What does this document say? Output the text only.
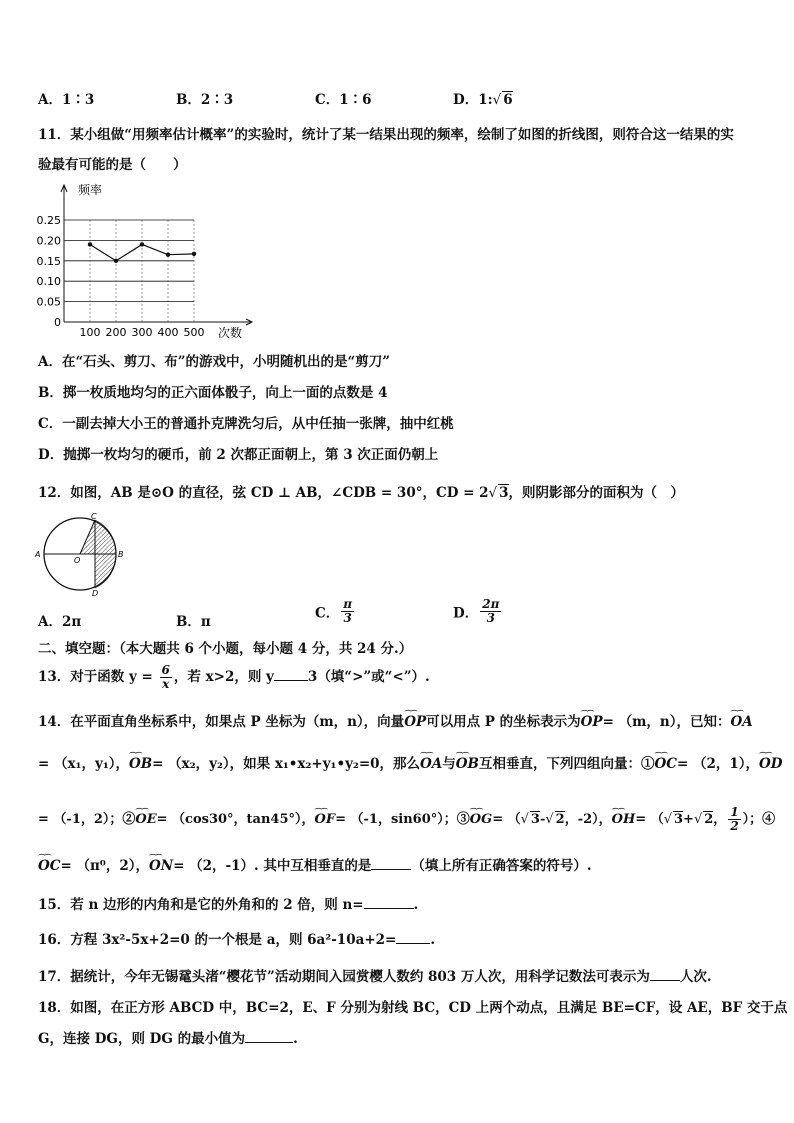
A．1∶3	B．2∶3	C．1∶6	D．1:√ 6
11．某小组做“用频率估计概率”的实验时，统计了某一结果出现的频率，绘制了如图的折线图，则符合这一结果的实
验最有可能的是（　　）
0.25
0.20
0.15
0.10
0.05
0
100 200 300 400 500
频率
次数
A．在“石头、剪刀、布”的游戏中，小明随机出的是“剪刀”
B．掷一枚质地均匀的正六面体骰子，向上一面的点数是 4
C．一副去掉大小王的普通扑克牌洗匀后，从中任抽一张牌，抽中红桃
D．抛掷一枚均匀的硬币，前 2 次都正面朝上，第 3 次正面仍朝上
12．如图，AB 是⊙O 的直径，弦 CD ⊥ AB，∠CDB = 30°，CD = 2√ 3，则阴影部分的面积为（　）
C
A
O
B
D
A．2π	B．π
C． $\frac{\pi}{3}$	D． $\frac{2\pi}{3}$
二、填空题：（本大题共 6 个小题，每小题 4 分，共 24 分.）
13．对于函数 $y = \frac{6}{x}$ ，若 x>2，则 y	3（填“>”或“<”）.
14．在平面直角坐标系中，如果点 P 坐标为（m，n），向量⌒⌒ OP可以用点 P 的坐标表示为⌒⌒ OP= （m，n），已知：⌒⌒ OA
= （x₁，y₁），⌒⌒ OB= （x₂，y₂），如果 x₁•x₂+y₁•y₂=0，那么⌒⌒ OA与⌒⌒ OB互相垂直，下列四组向量：①⌒⌒ OC= （2，1），⌒⌒ OD
= （-1，2）；②⌒⌒ OE= （cos30°，tan45°），⌒⌒ OF= （-1，sin60°）；③⌒⌒ OG= （√ 3-√ 2，-2），⌒⌒ OH= （√ 3+√ 2， $\frac{1}{2}$ ）；④
⌒⌒ OC= （π⁰，2），⌒⌒ ON= （2，-1）. 其中互相垂直的是	（填上所有正确答案的符号）.
15．若 n 边形的内角和是它的外角和的 2 倍，则 n=	.
16．方程 3x²-5x+2=0 的一个根是 a，则 6a²-10a+2=	.
17．据统计，今年无锡鼋头渚“樱花节”活动期间入园赏樱人数约 803 万人次，用科学记数法可表示为 人次.
18．如图，在正方形 ABCD 中，BC=2，E、F 分别为射线 BC，CD 上两个动点，且满足 BE=CF，设 AE，BF 交于点
G，连接 DG，则 DG 的最小值为	.
